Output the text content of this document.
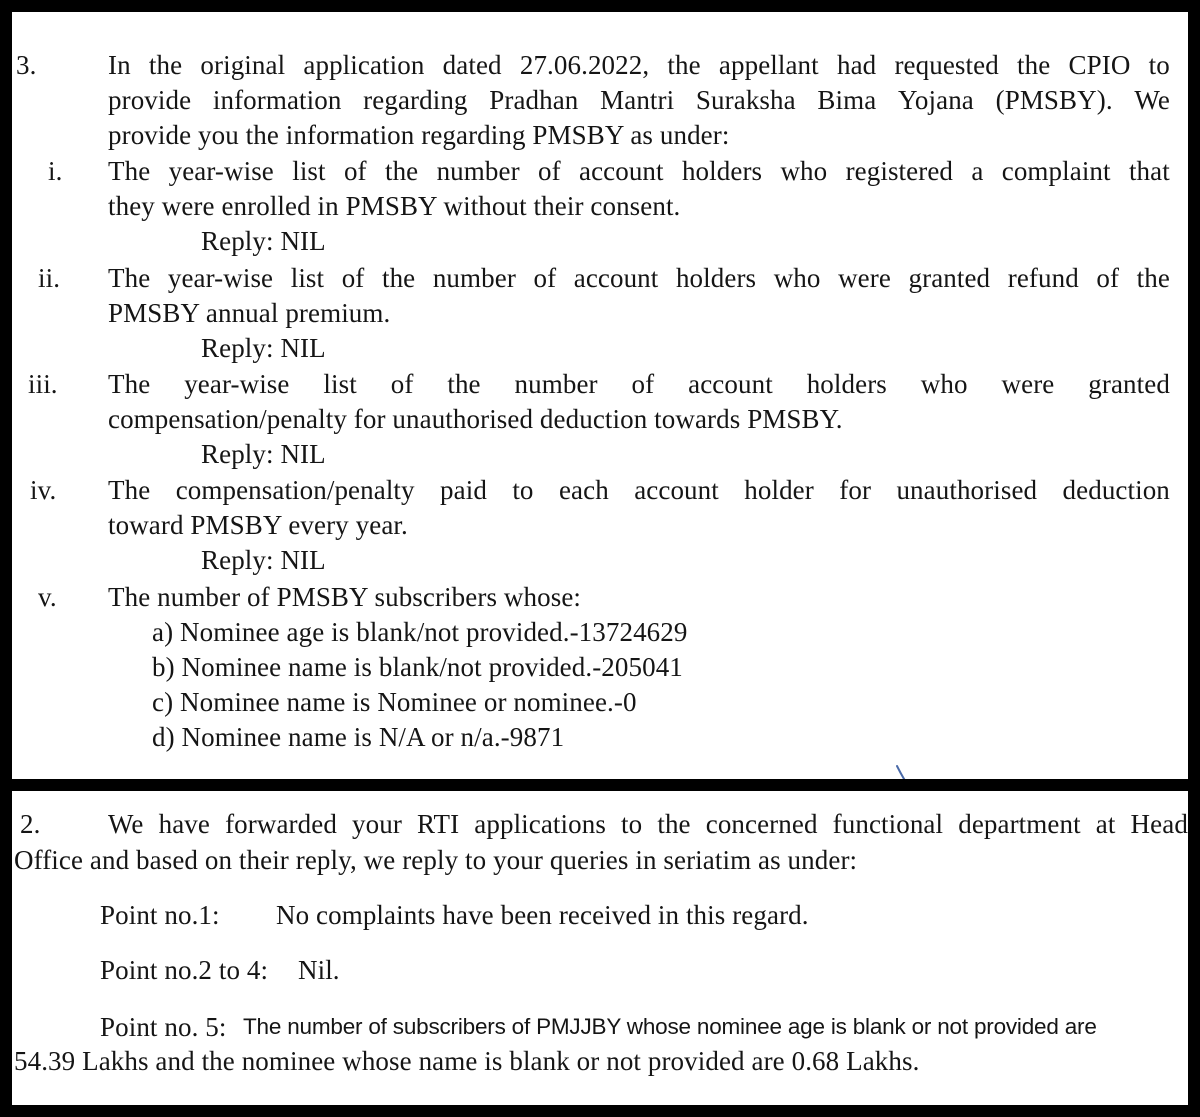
3.	In the original application dated 27.06.2022, the appellant had requested the CPIO to
provide information regarding Pradhan Mantri Suraksha Bima Yojana (PMSBY). We
provide you the information regarding PMSBY as under:
i. The year-wise list of the number of account holders who registered a complaint that
they were enrolled in PMSBY without their consent.
Reply: NIL
ii. The year-wise list of the number of account holders who were granted refund of the
PMSBY annual premium.
Reply: NIL
iii. The year-wise list of the number of account holders who were granted
compensation/penalty for unauthorised deduction towards PMSBY.
Reply: NIL
iv. The compensation/penalty paid to each account holder for unauthorised deduction
toward PMSBY every year.
Reply: NIL
v. The number of PMSBY subscribers whose:
a) Nominee age is blank/not provided.-13724629
b) Nominee name is blank/not provided.-205041
c) Nominee name is Nominee or nominee.-0
d) Nominee name is N/A or n/a.-9871
2.	We have forwarded your RTI applications to the concerned functional department at Head
Office and based on their reply, we reply to your queries in seriatim as under:
Point no.1: No complaints have been received in this regard.
Point no.2 to 4: Nil.
Point no. 5: The number of subscribers of PMJJBY whose nominee age is blank or not provided are
54.39 Lakhs and the nominee whose name is blank or not provided are 0.68 Lakhs.
